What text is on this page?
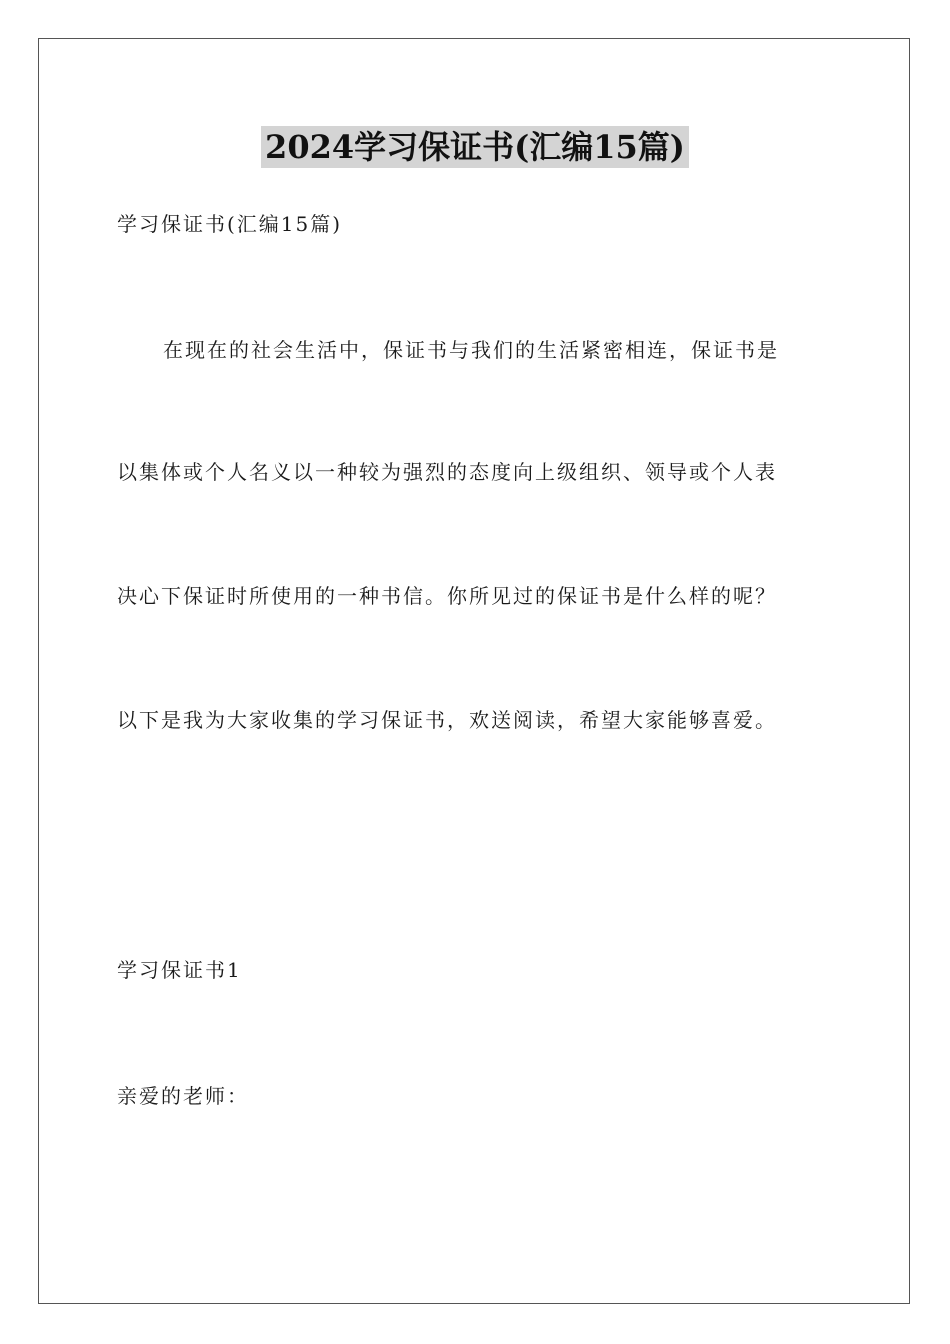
2024学习保证书(汇编15篇)
学习保证书(汇编15篇)
在现在的社会生活中，保证书与我们的生活紧密相连，保证书是
以集体或个人名义以一种较为强烈的态度向上级组织、领导或个人表
决心下保证时所使用的一种书信。你所见过的保证书是什么样的呢？
以下是我为大家收集的学习保证书，欢送阅读，希望大家能够喜爱。
学习保证书1
亲爱的老师：
